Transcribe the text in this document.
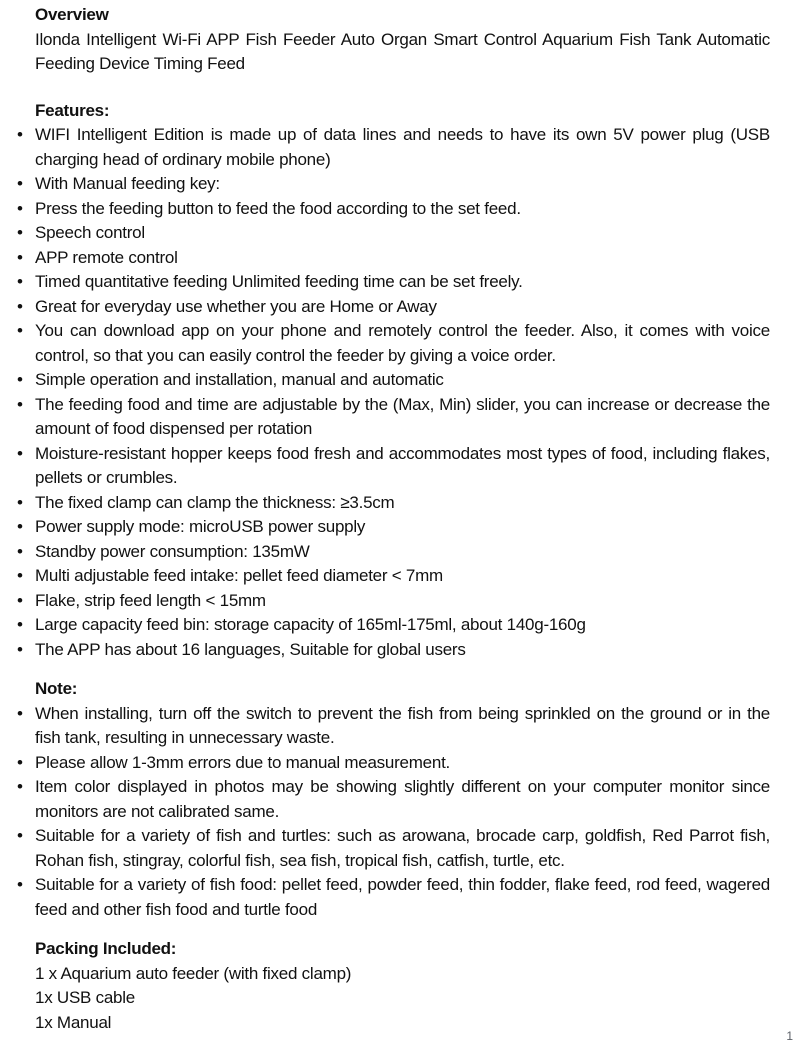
Overview

Ilonda Intelligent Wi-Fi APP Fish Feeder Auto Organ Smart Control Aquarium Fish Tank Automatic Feeding Device Timing Feed

Features:
• WIFI Intelligent Edition is made up of data lines and needs to have its own 5V power plug (USB charging head of ordinary mobile phone)
• With Manual feeding key:
• Press the feeding button to feed the food according to the set feed.
• Speech control
• APP remote control
• Timed quantitative feeding Unlimited feeding time can be set freely.
• Great for everyday use whether you are Home or Away
• You can download app on your phone and remotely control the feeder. Also, it comes with voice control, so that you can easily control the feeder by giving a voice order.
• Simple operation and installation, manual and automatic
• The feeding food and time are adjustable by the (Max, Min) slider, you can increase or decrease the amount of food dispensed per rotation
• Moisture-resistant hopper keeps food fresh and accommodates most types of food, including flakes, pellets or crumbles.
• The fixed clamp can clamp the thickness: ≥3.5cm
• Power supply mode: microUSB power supply
• Standby power consumption: 135mW
• Multi adjustable feed intake: pellet feed diameter < 7mm
• Flake, strip feed length < 15mm
• Large capacity feed bin: storage capacity of 165ml-175ml, about 140g-160g
• The APP has about 16 languages, Suitable for global users
Note:
• When installing, turn off the switch to prevent the fish from being sprinkled on the ground or in the fish tank, resulting in unnecessary waste.
• Please allow 1-3mm errors due to manual measurement.
• Item color displayed in photos may be showing slightly different on your computer monitor since monitors are not calibrated same.
• Suitable for a variety of fish and turtles: such as arowana, brocade carp, goldfish, Red Parrot fish, Rohan fish, stingray, colorful fish, sea fish, tropical fish, catfish, turtle, etc.
• Suitable for a variety of fish food: pellet feed, powder feed, thin fodder, flake feed, rod feed, wagered feed and other fish food and turtle food
Packing Included:

1 x Aquarium auto feeder (with fixed clamp)

1x USB cable

1x Manual

1
